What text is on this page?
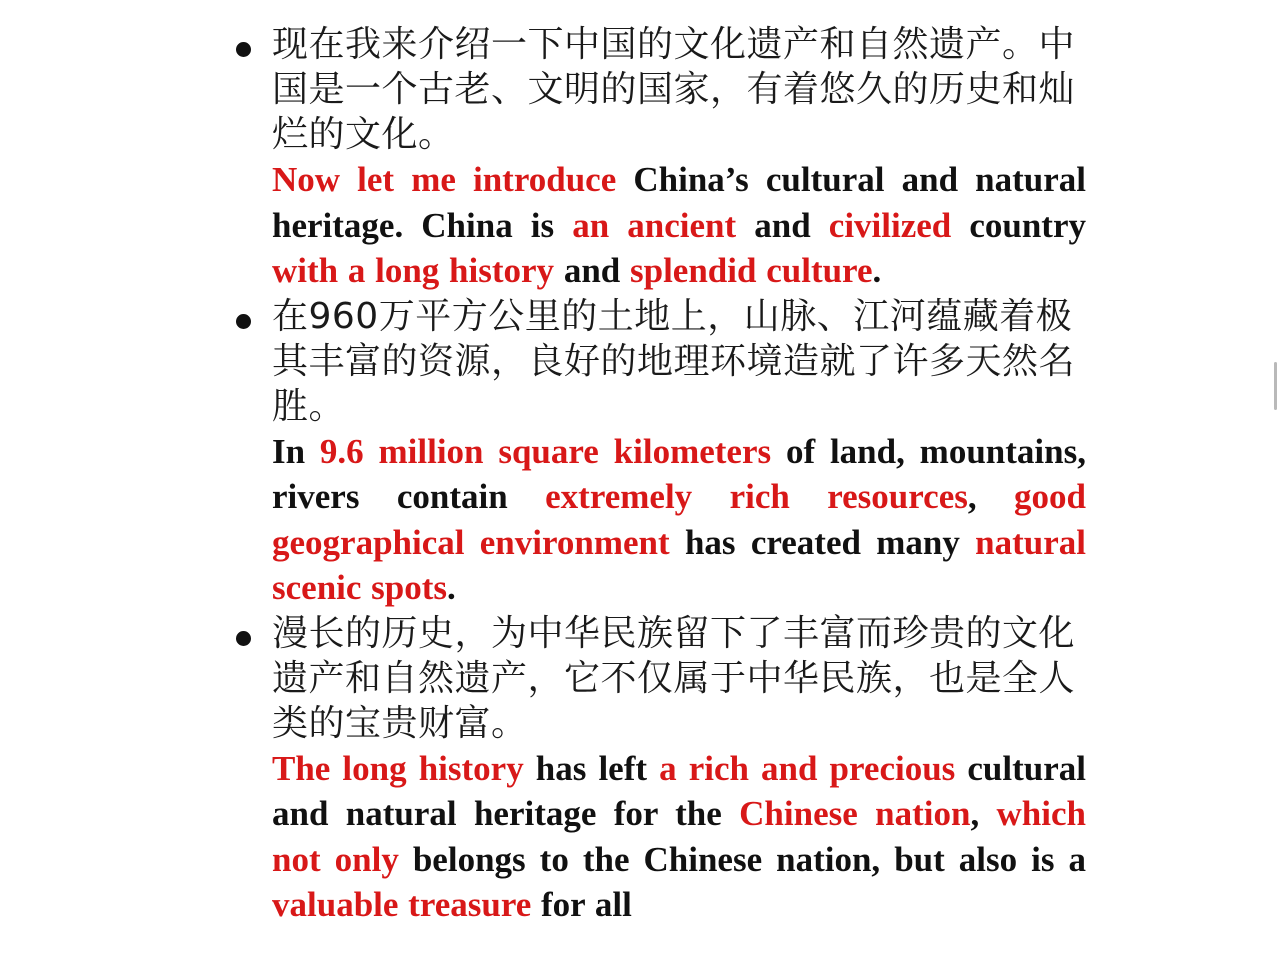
现在我来介绍一下中国的文化遗产和自然遗产。中国是一个古老、文明的国家，有着悠久的历史和灿烂的文化。

Now let me introduce China’s cultural and natural heritage. China is an ancient and civilized country with a long history and splendid culture.

在960万平方公里的土地上，山脉、江河蕴藏着极其丰富的资源，良好的地理环境造就了许多天然名胜。

In 9.6 million square kilometers of land, mountains, rivers contain extremely rich resources, good geographical environment has created many natural scenic spots.

漫长的历史，为中华民族留下了丰富而珍贵的文化遗产和自然遗产，它不仅属于中华民族，也是全人类的宝贵财富。

The long history has left a rich and precious cultural and natural heritage for the Chinese nation, which not only belongs to the Chinese nation, but also is a valuable treasure for all
